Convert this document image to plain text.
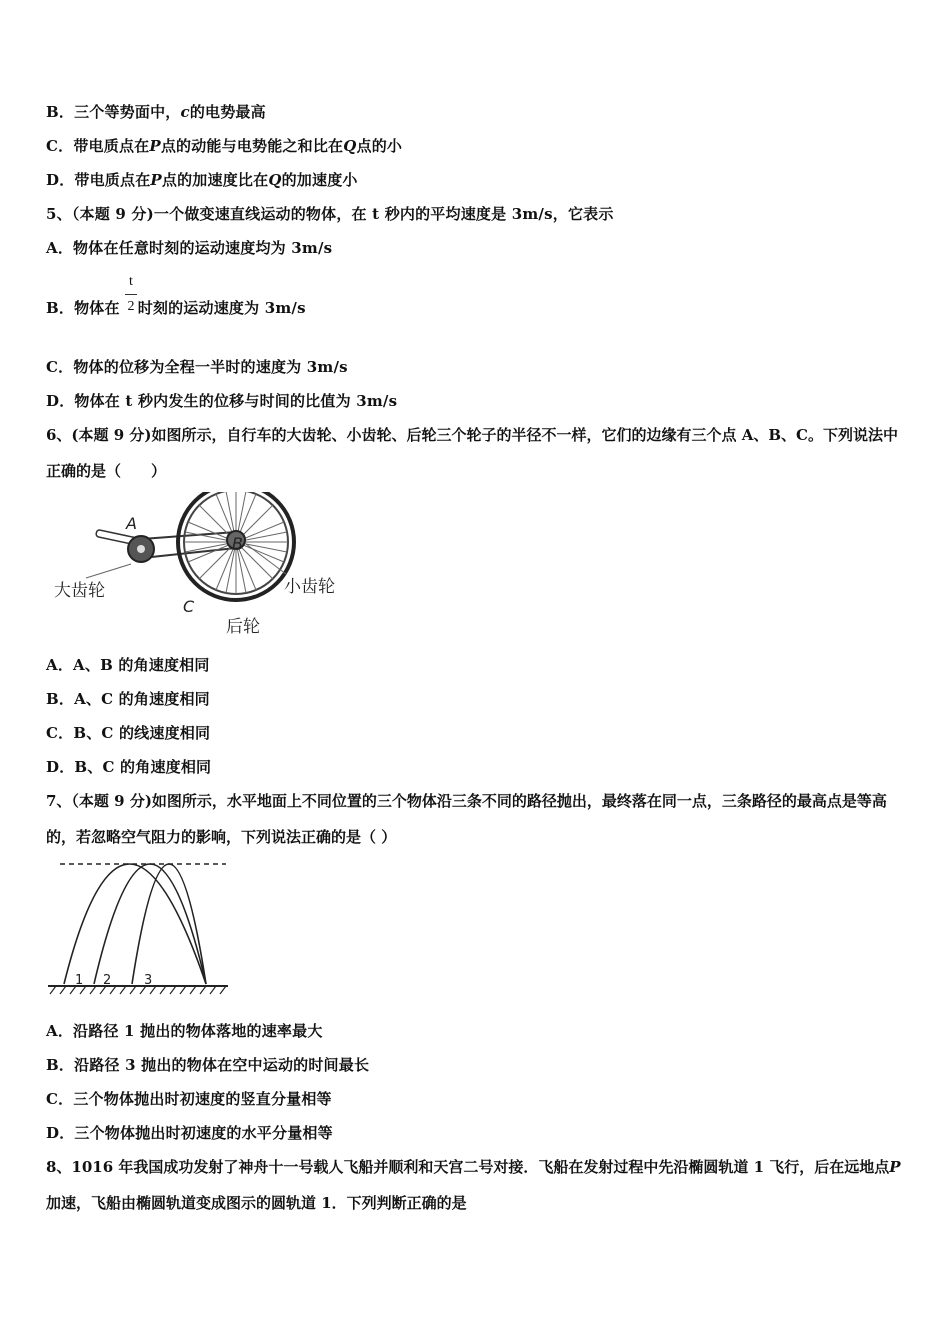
B．三个等势面中，c的电势最高
C．带电质点在P点的动能与电势能之和比在Q点的小
D．带电质点在P点的加速度比在Q的加速度小
5、（本题 9 分)一个做变速直线运动的物体，在 t 秒内的平均速度是 3m/s，它表示
A．物体在任意时刻的运动速度均为 3m/s
B．物体在 时刻的运动速度为 3m/s
t
2
C．物体的位移为全程一半时的速度为 3m/s
D．物体在 t 秒内发生的位移与时间的比值为 3m/s
6、(本题 9 分)如图所示，自行车的大齿轮、小齿轮、后轮三个轮子的半径不一样，它们的边缘有三个点 A、B、C。下列说法中正确的是（　　）
A
B
C
大齿轮	小齿轮
后轮
A．A、B 的角速度相同
B．A、C 的角速度相同
C．B、C 的线速度相同
D．B、C 的角速度相同
7、（本题 9 分)如图所示，水平地面上不同位置的三个物体沿三条不同的路径抛出，最终落在同一点，三条路径的最高点是等高的，若忽略空气阻力的影响，下列说法正确的是（ ）
1 2	3
A．沿路径 1 抛出的物体落地的速率最大
B．沿路径 3 抛出的物体在空中运动的时间最长
C．三个物体抛出时初速度的竖直分量相等
D．三个物体抛出时初速度的水平分量相等
8、1016 年我国成功发射了神舟十一号载人飞船并顺利和天宫二号对接．飞船在发射过程中先沿椭圆轨道 1 飞行，后在远地点P加速，飞船由椭圆轨道变成图示的圆轨道 1．下列判断正确的是
